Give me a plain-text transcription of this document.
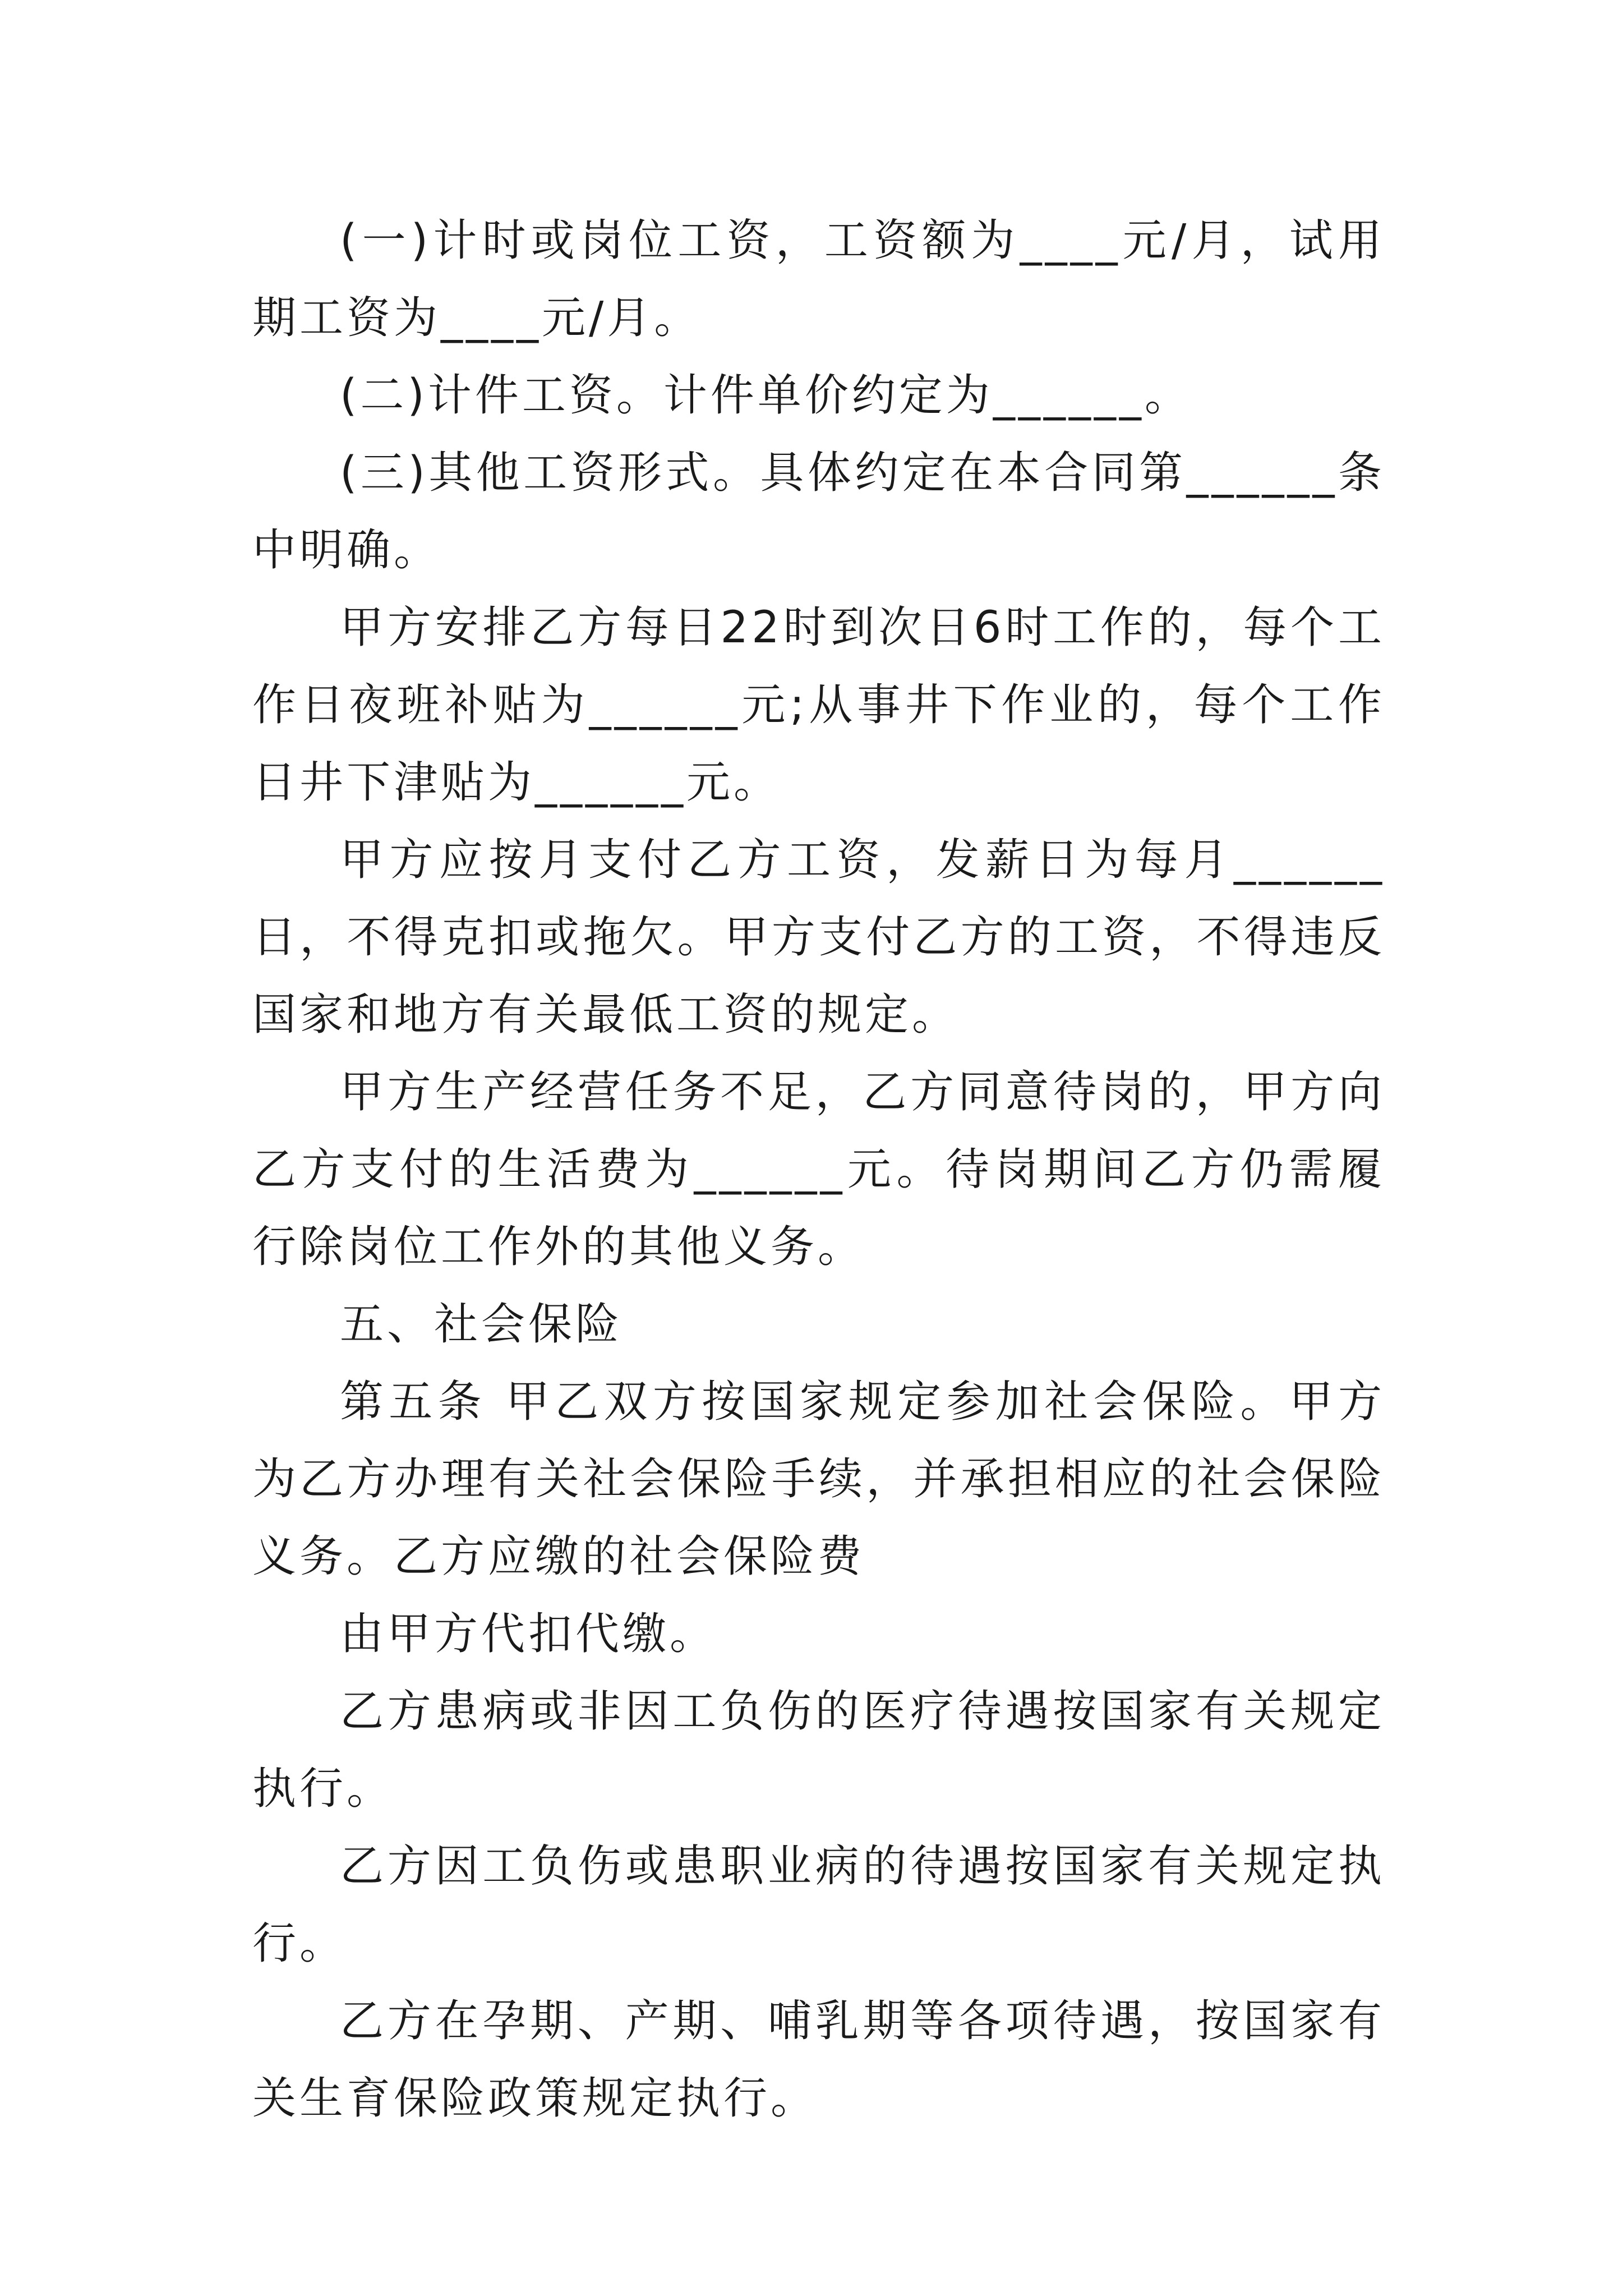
(一)计时或岗位工资，工资额为____元/月，试用期工资为____元/月。

(二)计件工资。计件单价约定为______。

(三)其他工资形式。具体约定在本合同第______条中明确。

甲方安排乙方每日22时到次日6时工作的，每个工作日夜班补贴为______元;从事井下作业的，每个工作日井下津贴为______元。

甲方应按月支付乙方工资，发薪日为每月______日，不得克扣或拖欠。甲方支付乙方的工资，不得违反国家和地方有关最低工资的规定。

甲方生产经营任务不足，乙方同意待岗的，甲方向乙方支付的生活费为______元。待岗期间乙方仍需履行除岗位工作外的其他义务。

五、社会保险

第五条 甲乙双方按国家规定参加社会保险。甲方为乙方办理有关社会保险手续，并承担相应的社会保险义务。乙方应缴的社会保险费

由甲方代扣代缴。

乙方患病或非因工负伤的医疗待遇按国家有关规定执行。

乙方因工负伤或患职业病的待遇按国家有关规定执行。

乙方在孕期、产期、哺乳期等各项待遇，按国家有关生育保险政策规定执行。
